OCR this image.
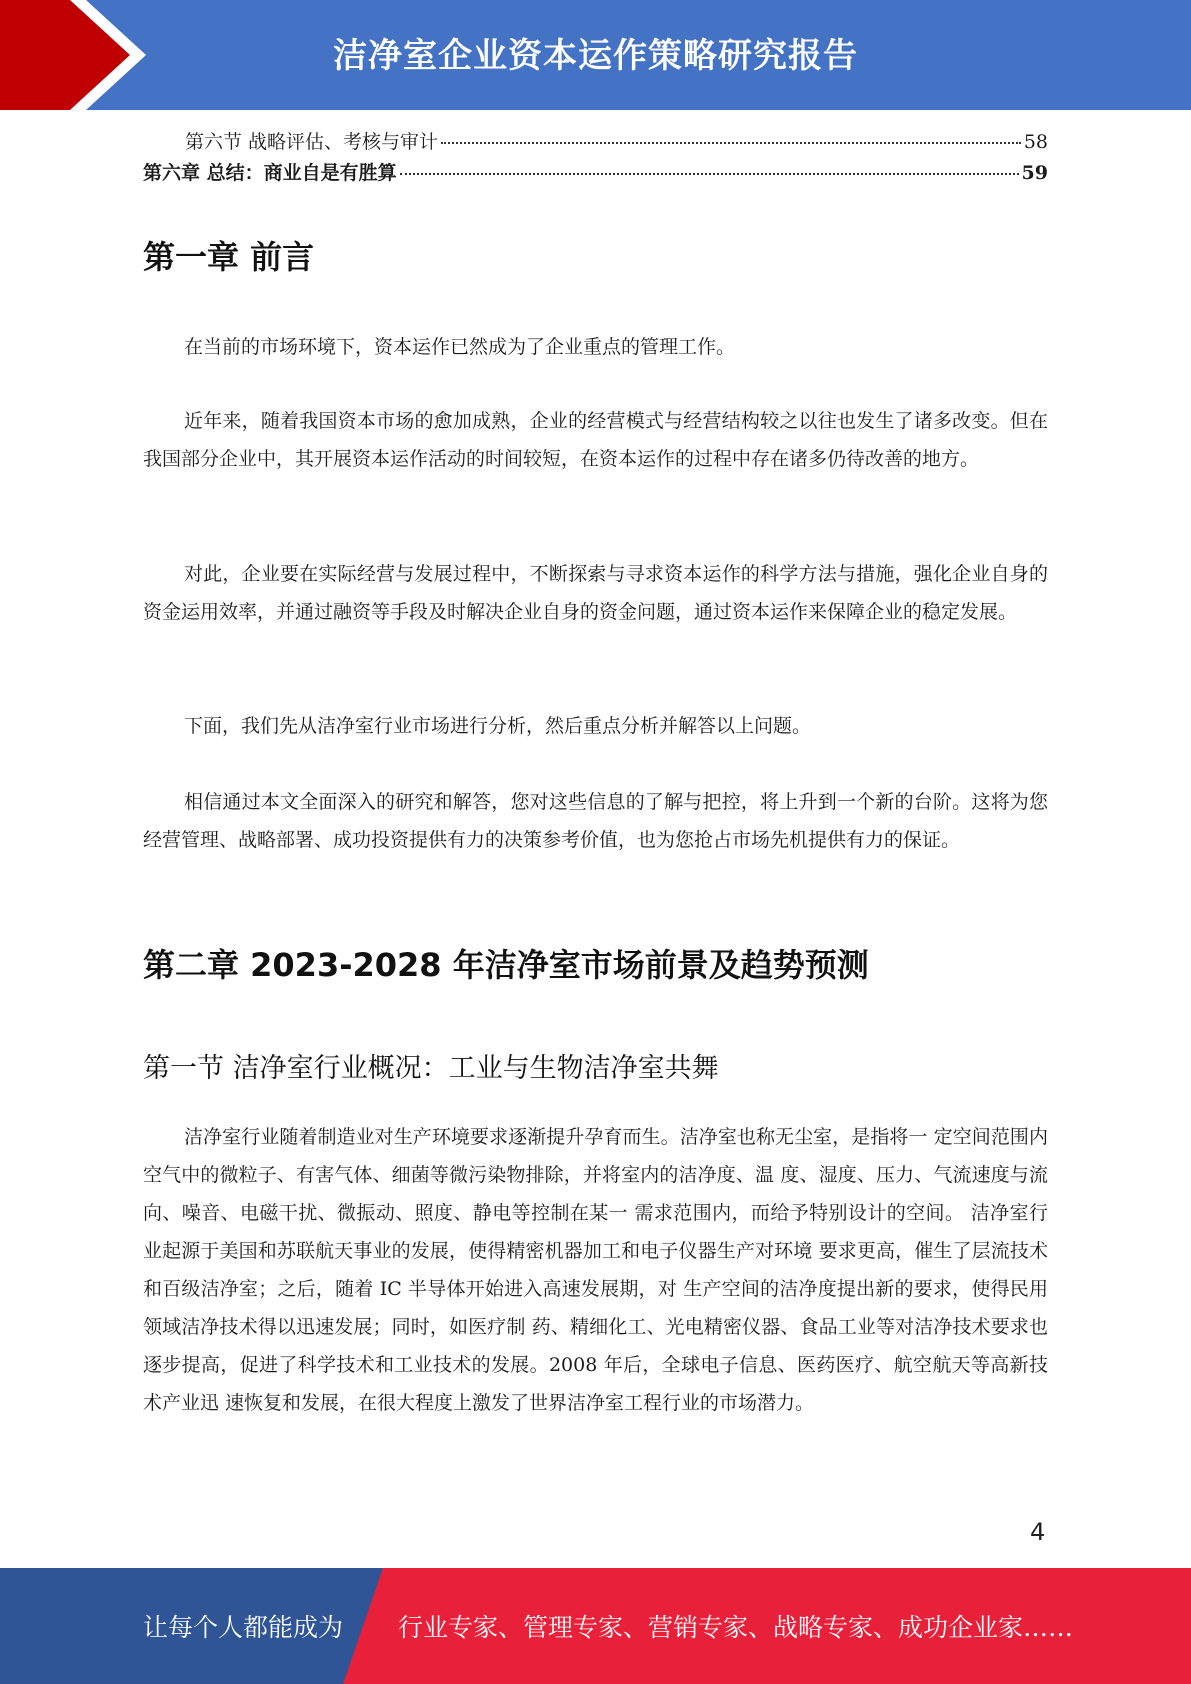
洁净室企业资本运作策略研究报告
第六节 战略评估、考核与审计	58
第六章 总结：商业自是有胜算	59
第一章 前言

在当前的市场环境下，资本运作已然成为了企业重点的管理工作。

近年来，随着我国资本市场的愈加成熟，企业的经营模式与经营结构较之以往也发生了诸多改变。但在我国部分企业中，其开展资本运作活动的时间较短，在资本运作的过程中存在诸多仍待改善的地方。

对此，企业要在实际经营与发展过程中，不断探索与寻求资本运作的科学方法与措施，强化企业自身的资金运用效率，并通过融资等手段及时解决企业自身的资金问题，通过资本运作来保障企业的稳定发展。

下面，我们先从洁净室行业市场进行分析，然后重点分析并解答以上问题。

相信通过本文全面深入的研究和解答，您对这些信息的了解与把控，将上升到一个新的台阶。这将为您经营管理、战略部署、成功投资提供有力的决策参考价值，也为您抢占市场先机提供有力的保证。

第二章 2023-2028 年洁净室市场前景及趋势预测
第一节 洁净室行业概况：工业与生物洁净室共舞

洁净室行业随着制造业对生产环境要求逐渐提升孕育而生。洁净室也称无尘室，是指将一 定空间范围内空气中的微粒子、有害气体、细菌等微污染物排除，并将室内的洁净度、温 度、湿度、压力、气流速度与流向、噪音、电磁干扰、微振动、照度、静电等控制在某一 需求范围内，而给予特别设计的空间。 洁净室行业起源于美国和苏联航天事业的发展，使得精密机器加工和电子仪器生产对环境 要求更高，催生了层流技术和百级洁净室；之后，随着 IC 半导体开始进入高速发展期，对 生产空间的洁净度提出新的要求，使得民用领域洁净技术得以迅速发展；同时，如医疗制 药、精细化工、光电精密仪器、食品工业等对洁净技术要求也逐步提高，促进了科学技术和工业技术的发展。2008 年后，全球电子信息、医药医疗、航空航天等高新技术产业迅 速恢复和发展，在很大程度上激发了世界洁净室工程行业的市场潜力。

4
让每个人都能成为 行业专家、管理专家、营销专家、战略专家、成功企业家……
